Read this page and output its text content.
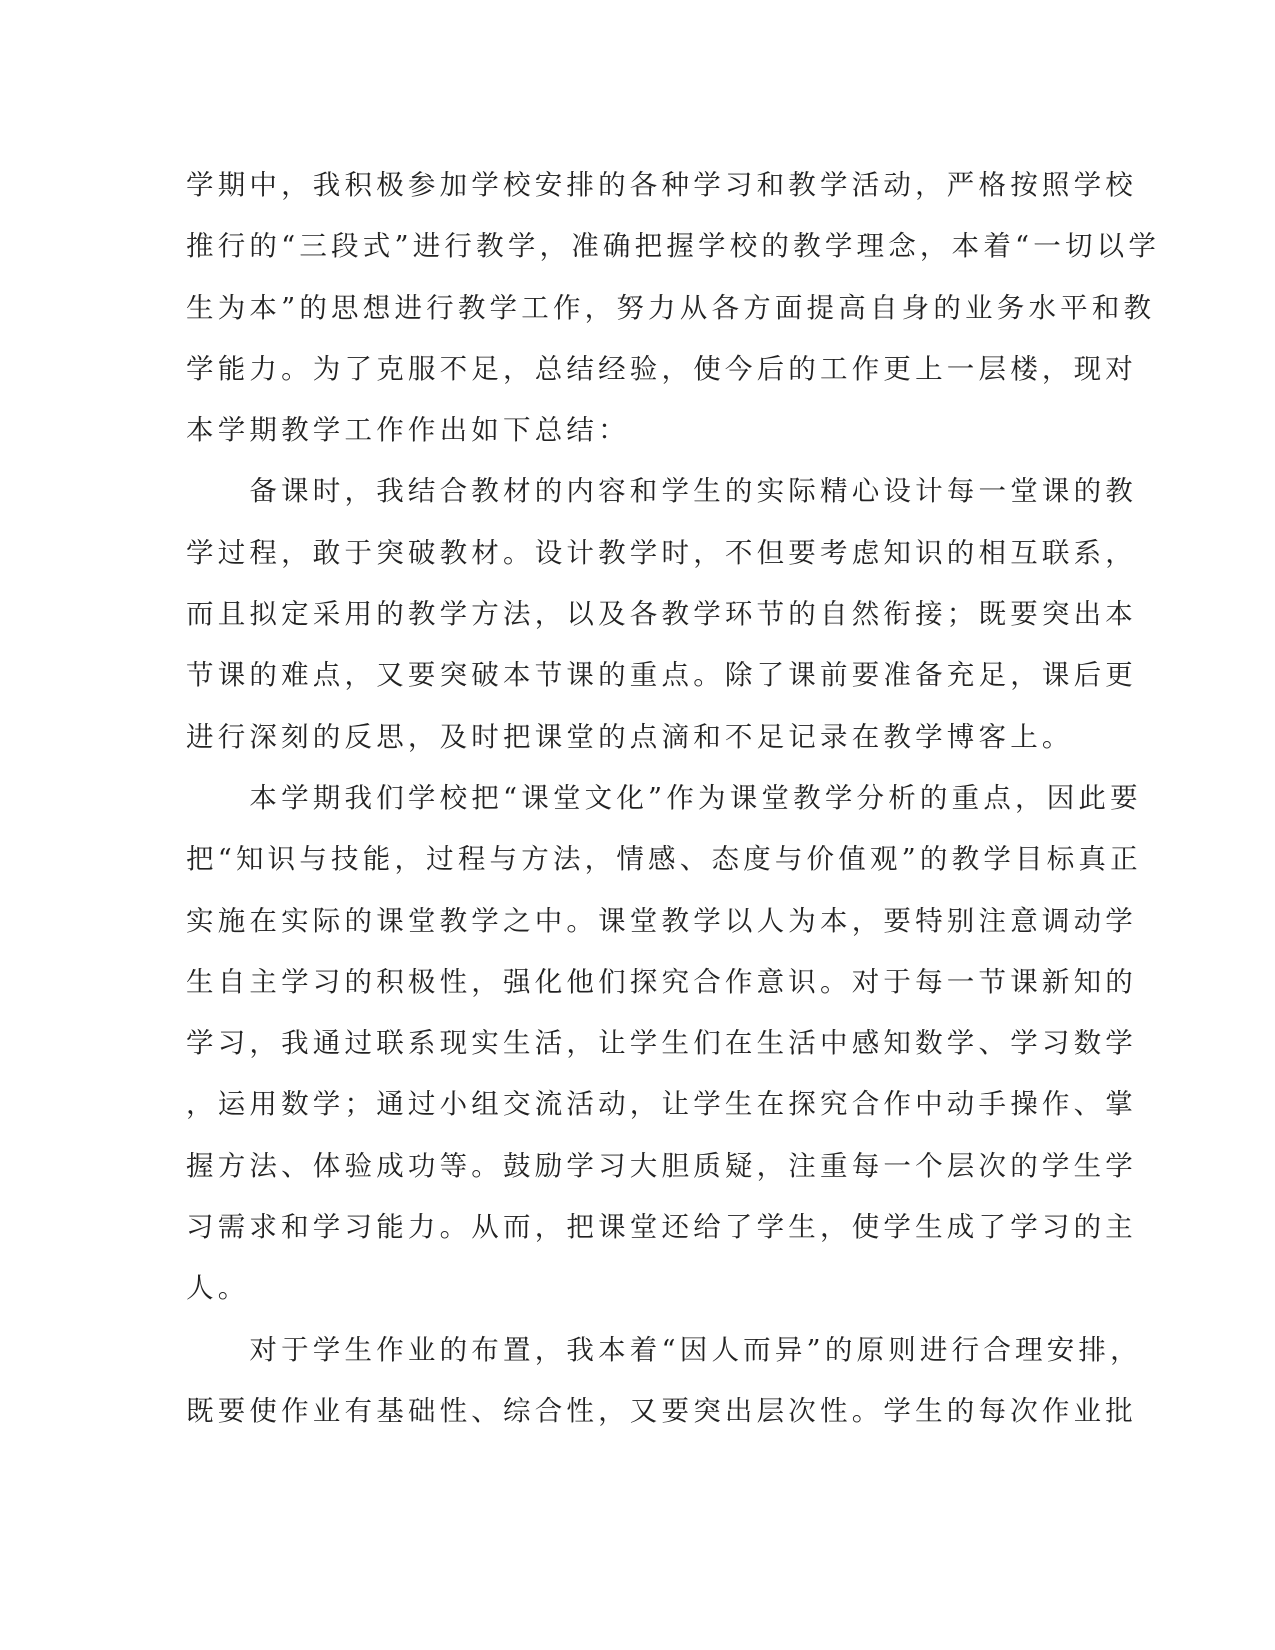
学期中，我积极参加学校安排的各种学习和教学活动，严格按照学校
推行的“三段式”进行教学，准确把握学校的教学理念，本着“一切以学
生为本”的思想进行教学工作，努力从各方面提高自身的业务水平和教
学能力。为了克服不足，总结经验，使今后的工作更上一层楼，现对
本学期教学工作作出如下总结：
　　备课时，我结合教材的内容和学生的实际精心设计每一堂课的教
学过程，敢于突破教材。设计教学时，不但要考虑知识的相互联系，
而且拟定采用的教学方法，以及各教学环节的自然衔接；既要突出本
节课的难点，又要突破本节课的重点。除了课前要准备充足，课后更
进行深刻的反思，及时把课堂的点滴和不足记录在教学博客上。
　　本学期我们学校把“课堂文化”作为课堂教学分析的重点，因此要
把“知识与技能，过程与方法，情感、态度与价值观”的教学目标真正
实施在实际的课堂教学之中。课堂教学以人为本，要特别注意调动学
生自主学习的积极性，强化他们探究合作意识。对于每一节课新知的
学习，我通过联系现实生活，让学生们在生活中感知数学、学习数学
，运用数学；通过小组交流活动，让学生在探究合作中动手操作、掌
握方法、体验成功等。鼓励学习大胆质疑，注重每一个层次的学生学
习需求和学习能力。从而，把课堂还给了学生，使学生成了学习的主
人。
　　对于学生作业的布置，我本着“因人而异”的原则进行合理安排，
既要使作业有基础性、综合性，又要突出层次性。学生的每次作业批
